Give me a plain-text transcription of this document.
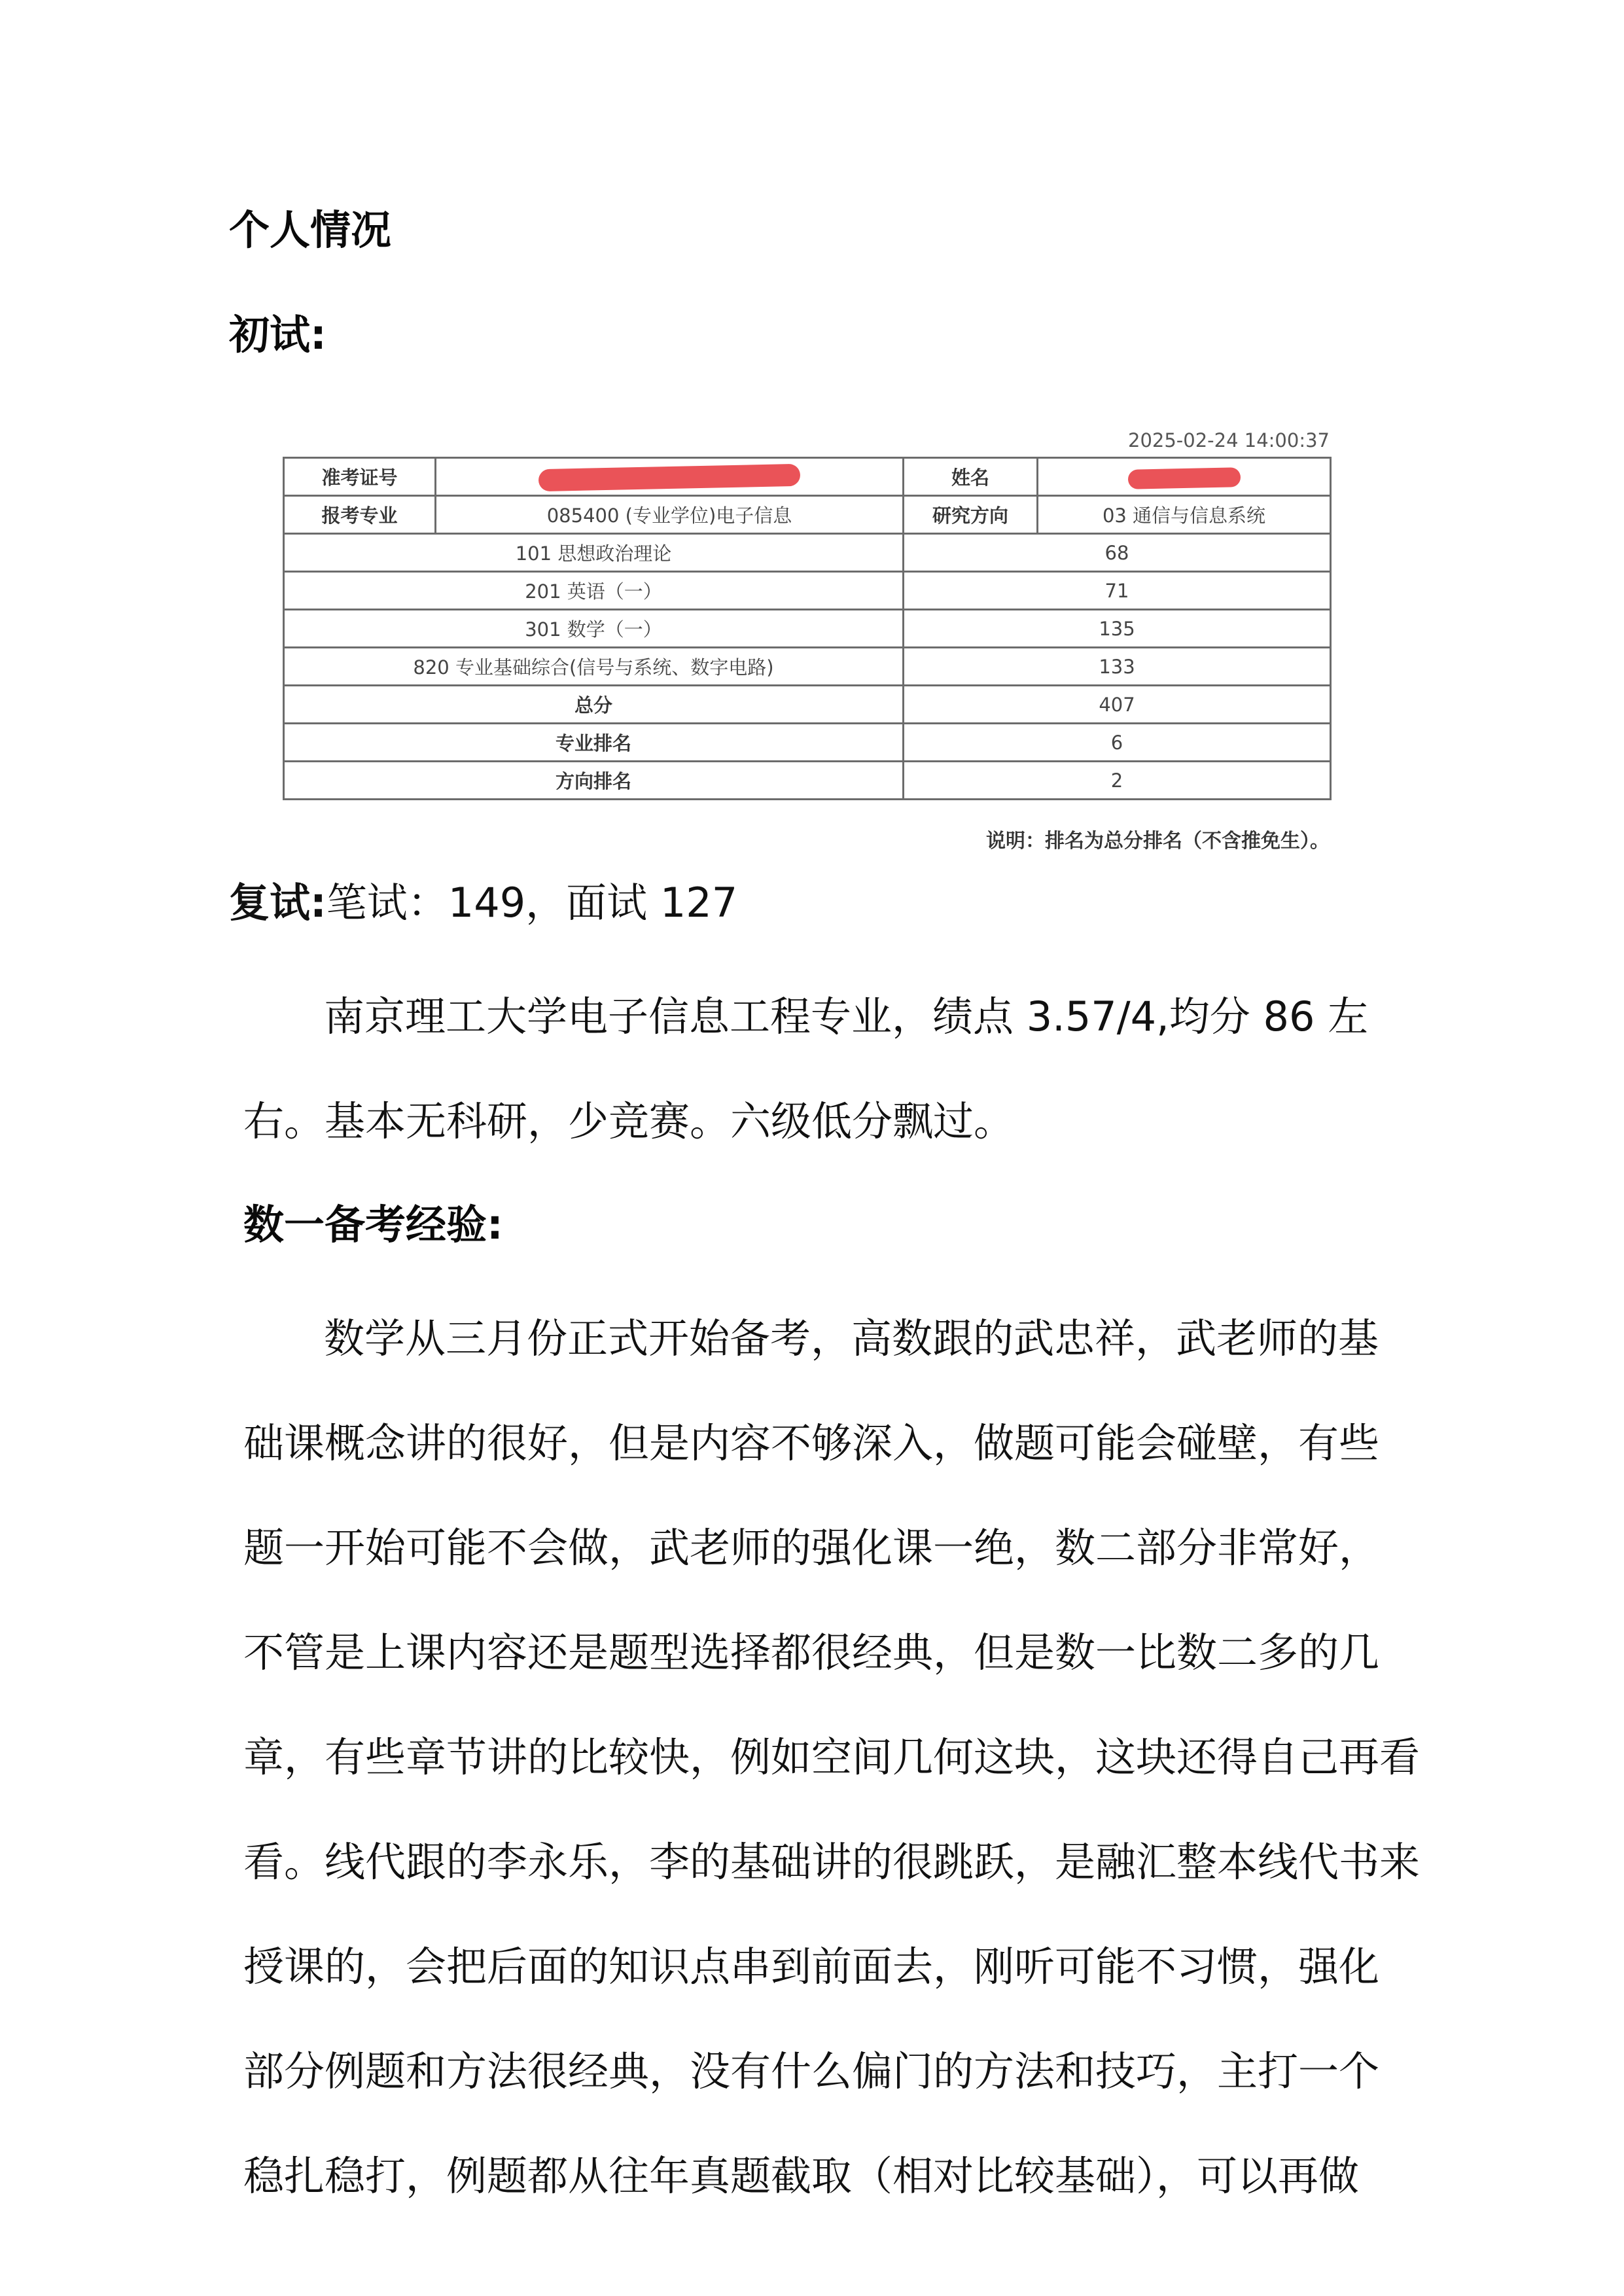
个人情况
初试:
2025-02-24 14:00:37
准考证号		姓名	
报考专业	085400 (专业学位)电子信息	研究方向	03 通信与信息系统
101 思想政治理论		68	
201 英语（一）		71	
301 数学（一）		135	
820 专业基础综合(信号与系统、数字电路)		133	
总分		407	
专业排名		6	
方向排名		2	
说明：排名为总分排名（不含推免生）。
复试:笔试：149，面试 127
南京理工大学电子信息工程专业，绩点 3.57/4,均分 86 左
右。基本无科研，少竞赛。六级低分飘过。
数一备考经验:
数学从三月份正式开始备考，高数跟的武忠祥，武老师的基
础课概念讲的很好，但是内容不够深入，做题可能会碰壁，有些
题一开始可能不会做，武老师的强化课一绝，数二部分非常好，
不管是上课内容还是题型选择都很经典，但是数一比数二多的几
章，有些章节讲的比较快，例如空间几何这块，这块还得自己再看
看。线代跟的李永乐，李的基础讲的很跳跃，是融汇整本线代书来
授课的，会把后面的知识点串到前面去，刚听可能不习惯，强化
部分例题和方法很经典，没有什么偏门的方法和技巧，主打一个
稳扎稳打，例题都从往年真题截取（相对比较基础），可以再做
